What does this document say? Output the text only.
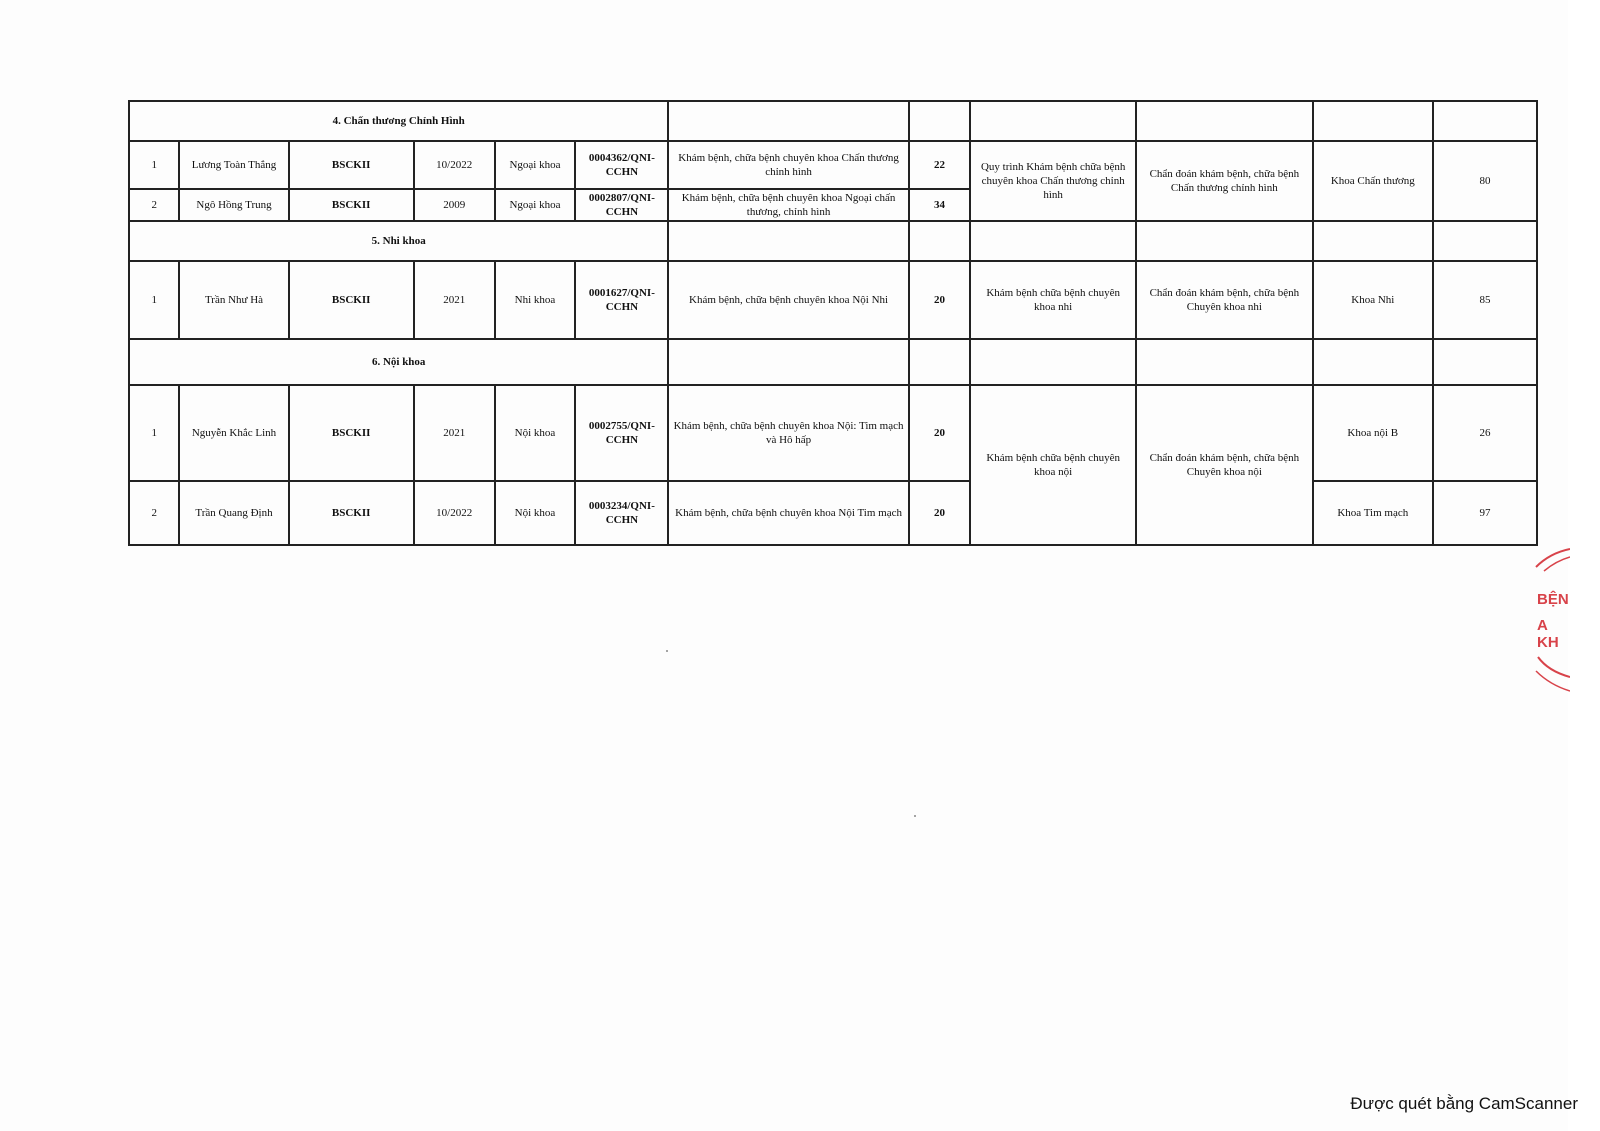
4. Chấn thương Chỉnh Hình											
1	Lương Toàn Thắng	BSCKII	10/2022	Ngoại khoa	0004362/QNI-CCHN	Khám bệnh, chữa bệnh chuyên khoa Chấn thương chỉnh hình	22	Quy trình Khám bệnh chữa bệnh chuyên khoa Chấn thương chỉnh hình	Chẩn đoán khám bệnh, chữa bệnh Chấn thương chỉnh hình	Khoa Chấn thương	80
2	Ngô Hồng Trung	BSCKII	2009	Ngoại khoa	0002807/QNI-CCHN	Khám bệnh, chữa bệnh chuyên khoa Ngoại chấn thương, chỉnh hình	34				
5. Nhi khoa											
1	Trần Như Hà	BSCKII	2021	Nhi khoa	0001627/QNI-CCHN	Khám bệnh, chữa bệnh chuyên khoa Nội Nhi	20	Khám bệnh chữa bệnh chuyên khoa nhi	Chẩn đoán khám bệnh, chữa bệnh Chuyên khoa nhi	Khoa Nhi	85
6. Nội khoa											
1	Nguyễn Khắc Linh	BSCKII	2021	Nội khoa	0002755/QNI-CCHN	Khám bệnh, chữa bệnh chuyên khoa Nội: Tim mạch và Hô hấp	20	Khám bệnh chữa bệnh chuyên khoa nội	Chẩn đoán khám bệnh, chữa bệnh Chuyên khoa nội	Khoa nội B	26
2	Trần Quang Định	BSCKII	10/2022	Nội khoa	0003234/QNI-CCHN	Khám bệnh, chữa bệnh chuyên khoa Nội Tim mạch	20			Khoa Tim mạch	97
BỆN
A KH
Được quét bằng CamScanner
